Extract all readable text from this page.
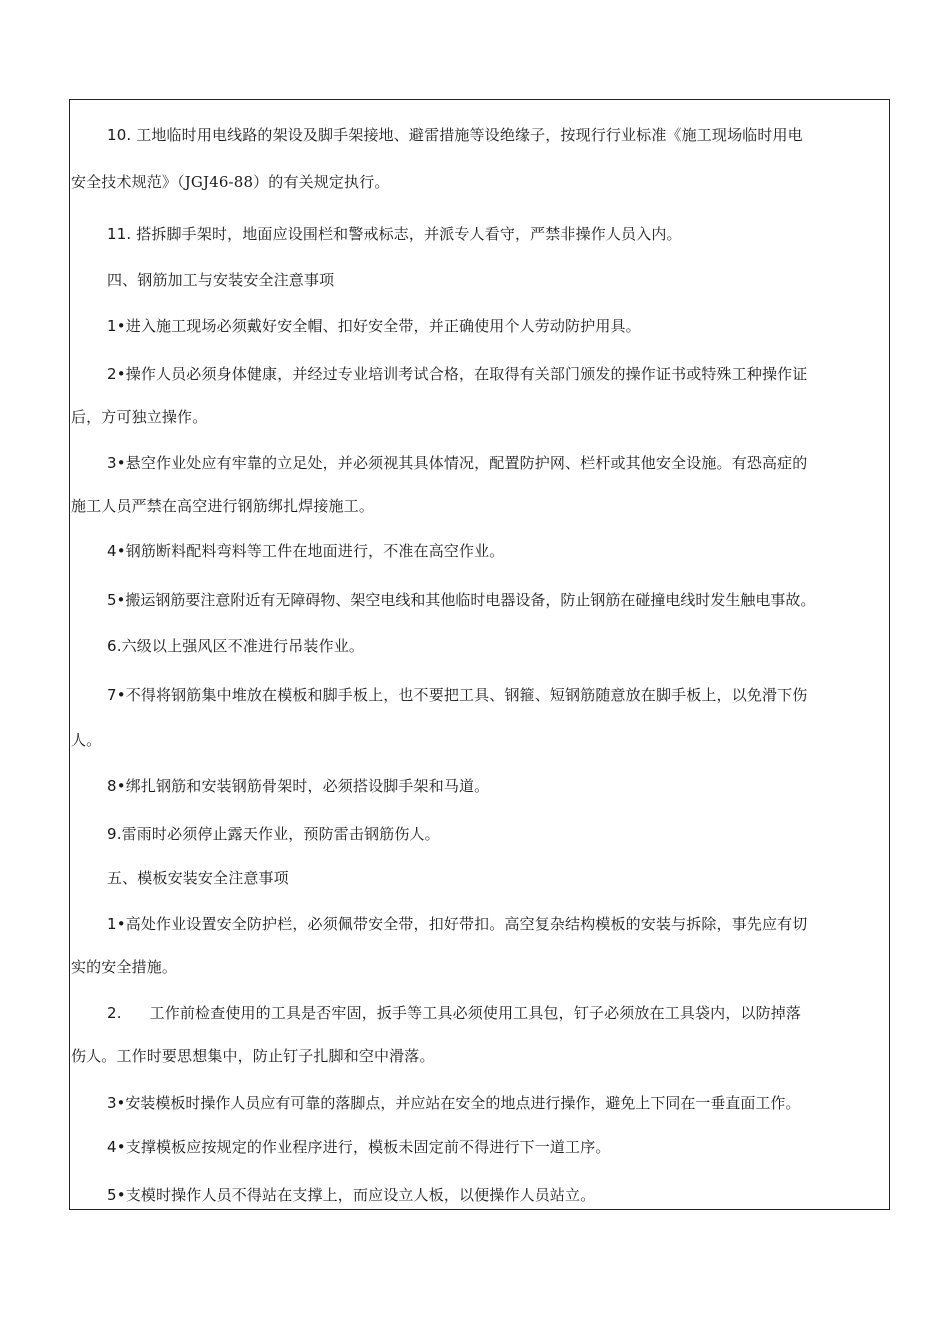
10. 工地临时用电线路的架设及脚手架接地、避雷措施等设绝缘子，按现行行业标准《施工现场临时用电
安全技术规范》（JGJ46-88）的有关规定执行。
11. 搭拆脚手架时，地面应设围栏和警戒标志，并派专人看守，严禁非操作人员入内。
四、钢筋加工与安装安全注意事项
1•进入施工现场必须戴好安全帽、扣好安全带，并正确使用个人劳动防护用具。
2•操作人员必须身体健康，并经过专业培训考试合格，在取得有关部门颁发的操作证书或特殊工种操作证
后，方可独立操作。
3•悬空作业处应有牢靠的立足处，并必须视其具体情况，配置防护网、栏杆或其他安全设施。有恐高症的
施工人员严禁在高空进行钢筋绑扎焊接施工。
4•钢筋断料配料弯料等工件在地面进行，不准在高空作业。
5•搬运钢筋要注意附近有无障碍物、架空电线和其他临时电器设备，防止钢筋在碰撞电线时发生触电事故。
6.六级以上强风区不准进行吊装作业。
7•不得将钢筋集中堆放在模板和脚手板上，也不要把工具、钢箍、短钢筋随意放在脚手板上，以免滑下伤
人。
8•绑扎钢筋和安装钢筋骨架时，必须搭设脚手架和马道。
9.雷雨时必须停止露天作业，预防雷击钢筋伤人。
五、模板安装安全注意事项
1•高处作业设置安全防护栏，必须佩带安全带，扣好带扣。高空复杂结构模板的安装与拆除，事先应有切
实的安全措施。
2. 工作前检查使用的工具是否牢固，扳手等工具必须使用工具包，钉子必须放在工具袋内，以防掉落
伤人。工作时要思想集中，防止钉子扎脚和空中滑落。
3•安装模板时操作人员应有可靠的落脚点，并应站在安全的地点进行操作，避免上下同在一垂直面工作。
4•支撑模板应按规定的作业程序进行，模板未固定前不得进行下一道工序。
5•支模时操作人员不得站在支撑上，而应设立人板，以便操作人员站立。
